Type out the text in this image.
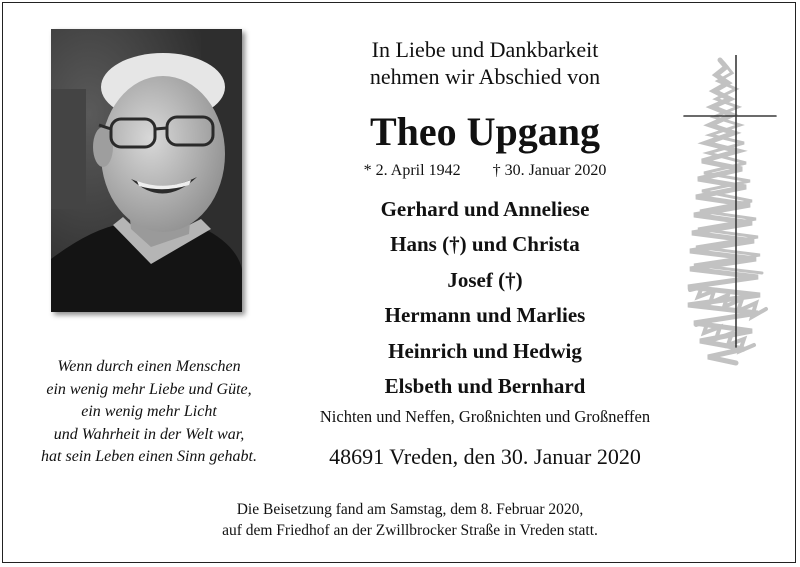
In Liebe und Dankbarkeit
nehmen wir Abschied von
Theo Upgang
* 2. April 1942 † 30. Januar 2020
Gerhard und Anneliese
Hans (†) und Christa
Josef (†)
Hermann und Marlies
Heinrich und Hedwig
Elsbeth und Bernhard
Nichten und Neffen, Großnichten und Großneffen
48691 Vreden, den 30. Januar 2020
Wenn durch einen Menschen
ein wenig mehr Liebe und Güte,
ein wenig mehr Licht
und Wahrheit in der Welt war,
hat sein Leben einen Sinn gehabt.
Die Beisetzung fand am Samstag, dem 8. Februar 2020,
auf dem Friedhof an der Zwillbrocker Straße in Vreden statt.
